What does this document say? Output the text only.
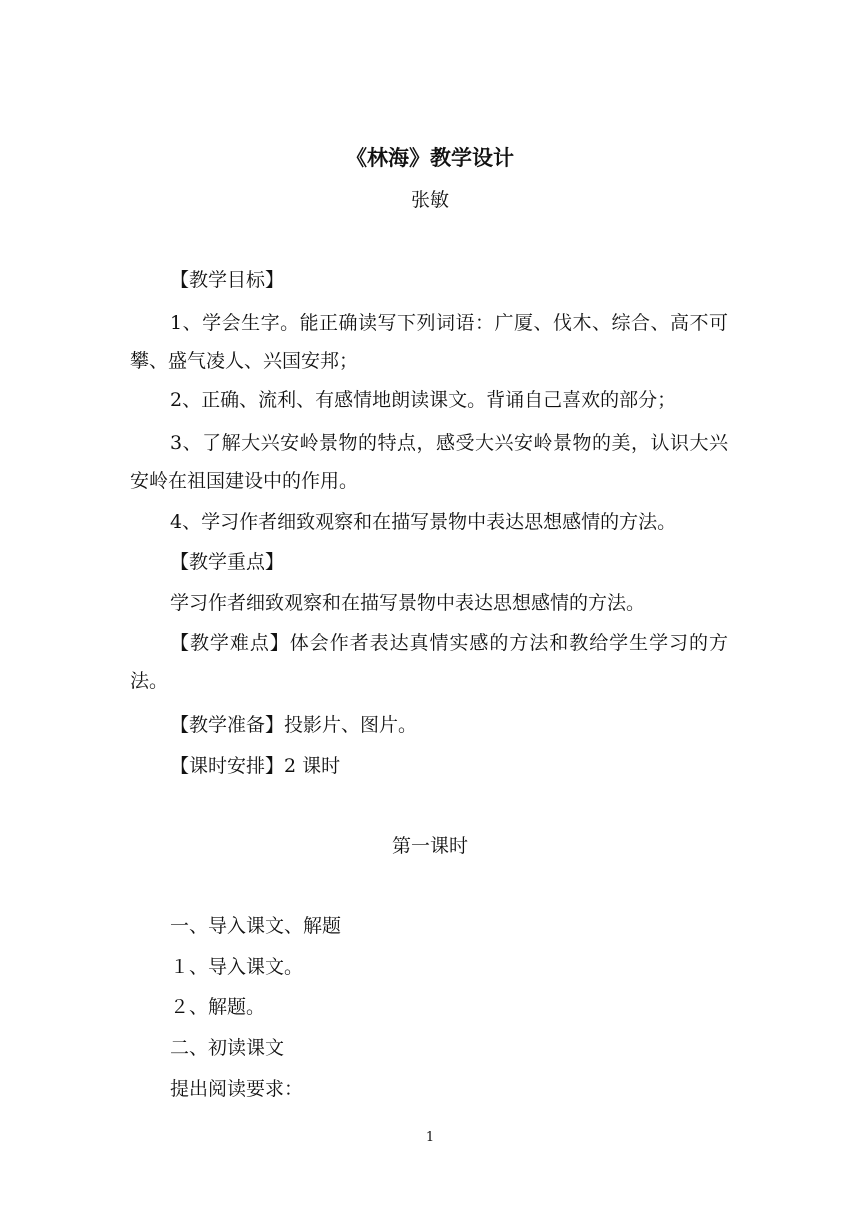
《林海》教学设计
张敏
【教学目标】
1、学会生字。能正确读写下列词语：广厦、伐木、综合、高不可攀、盛气凌人、兴国安邦；
2、正确、流利、有感情地朗读课文。背诵自己喜欢的部分；
3、了解大兴安岭景物的特点，感受大兴安岭景物的美，认识大兴安岭在祖国建设中的作用。
4、学习作者细致观察和在描写景物中表达思想感情的方法。
【教学重点】
学习作者细致观察和在描写景物中表达思想感情的方法。
【教学难点】体会作者表达真情实感的方法和教给学生学习的方法。
【教学准备】投影片、图片。
【课时安排】2 课时
第一课时
一、导入课文、解题
１、导入课文。
２、解题。
二、初读课文
提出阅读要求：
1
